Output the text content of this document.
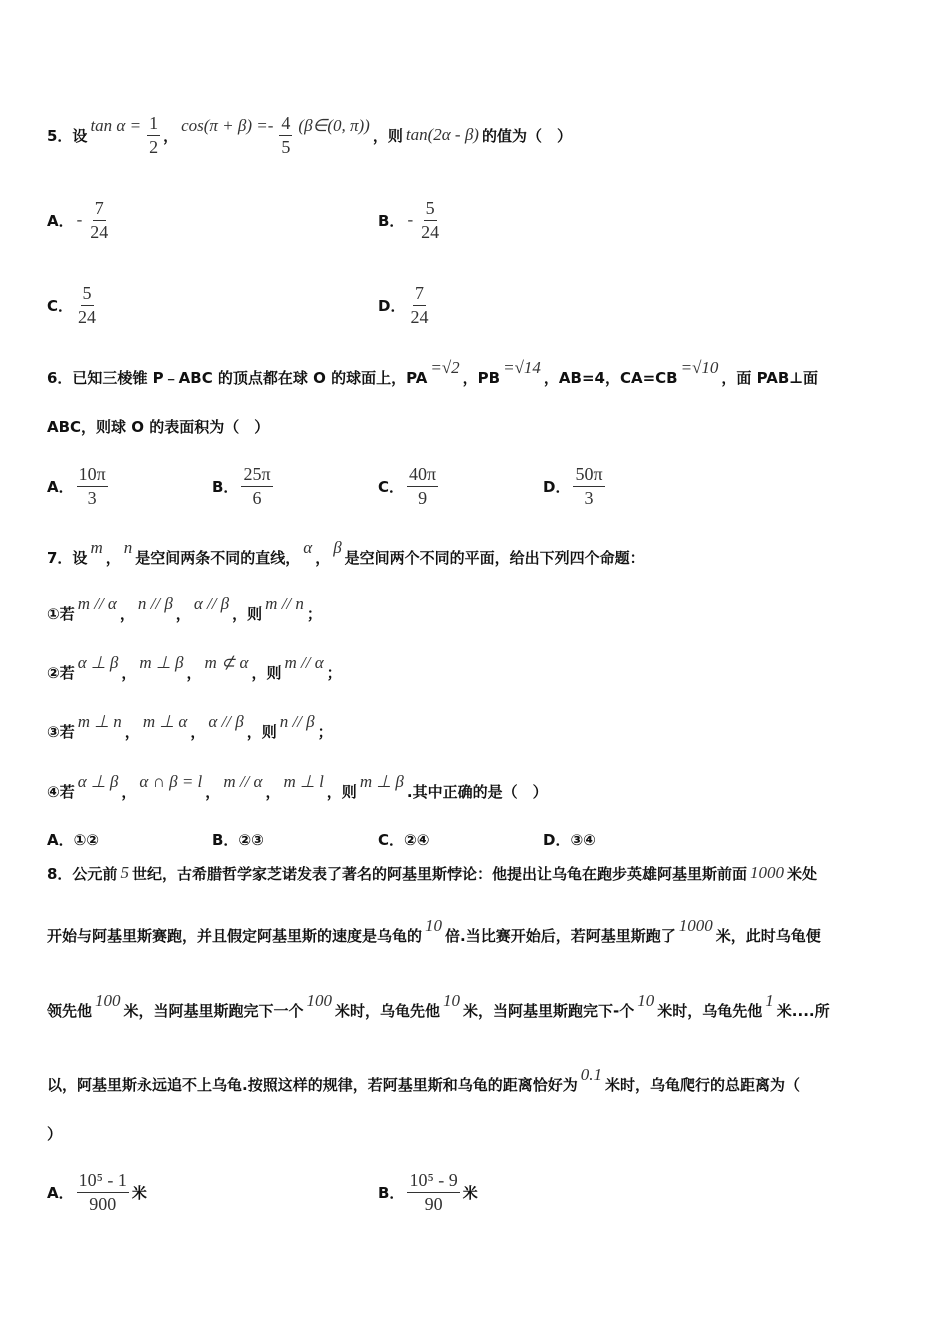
5．设
$\tan \alpha = \frac{1}{2}$ ，
$\cos(\pi + \beta) =- \frac{4}{5}$ (β∈(0, π))
，则 tan(2α - β) 的值为（　）
A． - $\frac{7}{24}$	B． - $\frac{5}{24}$
C． $\frac{5}{24}$	D． $\frac{7}{24}$
6．已知三棱锥 P﹣ABC 的顶点都在球 O 的球面上，PA
=√2
，PB
=√14
，AB=4，CA=CB
=√10
，面 PAB⊥面
ABC，则球 O 的表面积为（　）
A． $\frac{10\pi}{3}$	B． $\frac{25\pi}{6}$	C． $\frac{40\pi}{9}$	D． $\frac{50\pi}{3}$
7．设
m
，
n
是空间两条不同的直线，
α
，
β
是空间两个不同的平面，给出下列四个命题：
①若
m // α
，
n // β
，
α // β
，则
m // n
；
②若
α ⊥ β
，
m ⊥ β
，
m ⊄ α
，则
m // α
；
③若
m ⊥ n
，
m ⊥ α
，
α // β
，则
n // β
；
④若
α ⊥ β
，
α ∩ β = l
，
m // α
，
m ⊥ l
，则
m ⊥ β
.其中正确的是（　）
A．①②	B．②③	C．②④	D．③④
8．公元前 5 世纪，古希腊哲学家芝诺发表了著名的阿基里斯悖论：他提出让乌龟在跑步英雄阿基里斯前面 1000 米处
开始与阿基里斯赛跑，并且假定阿基里斯的速度是乌龟的
10
倍.当比赛开始后，若阿基里斯跑了
1000
米，此时乌龟便
领先他
100
米，当阿基里斯跑完下一个
100
米时，乌龟先他
10
米，当阿基里斯跑完下-个
10
米时，乌龟先他
1
米....所
以，阿基里斯永远追不上乌龟.按照这样的规律，若阿基里斯和乌龟的距离恰好为
0.1
米时，乌龟爬行的总距离为（
）
A． $\frac{\text{10⁵ - 1}}{900}$ 米	B． $\frac{\text{10⁵ - 9}}{90}$ 米
